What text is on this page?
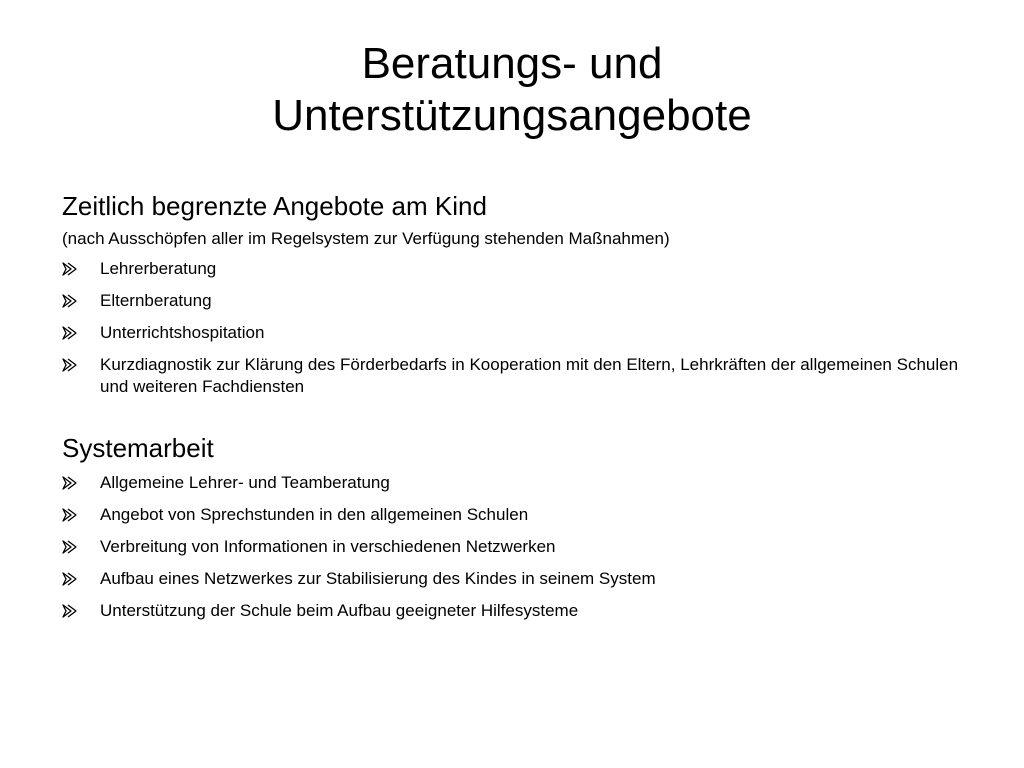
Beratungs- und
Unterstützungsangebote

Zeitlich begrenzte Angebote am Kind

(nach Ausschöpfen aller im Regelsystem zur Verfügung stehenden Maßnahmen)

Lehrerberatung
Elternberatung
Unterrichtshospitation
Kurzdiagnostik zur Klärung des Förderbedarfs in Kooperation mit den Eltern, Lehrkräften der allgemeinen Schulen und weiteren Fachdiensten

Systemarbeit

Allgemeine Lehrer- und Teamberatung
Angebot von Sprechstunden in den allgemeinen Schulen
Verbreitung von Informationen in verschiedenen Netzwerken
Aufbau eines Netzwerkes zur Stabilisierung des Kindes in seinem System
Unterstützung der Schule beim Aufbau geeigneter Hilfesysteme
